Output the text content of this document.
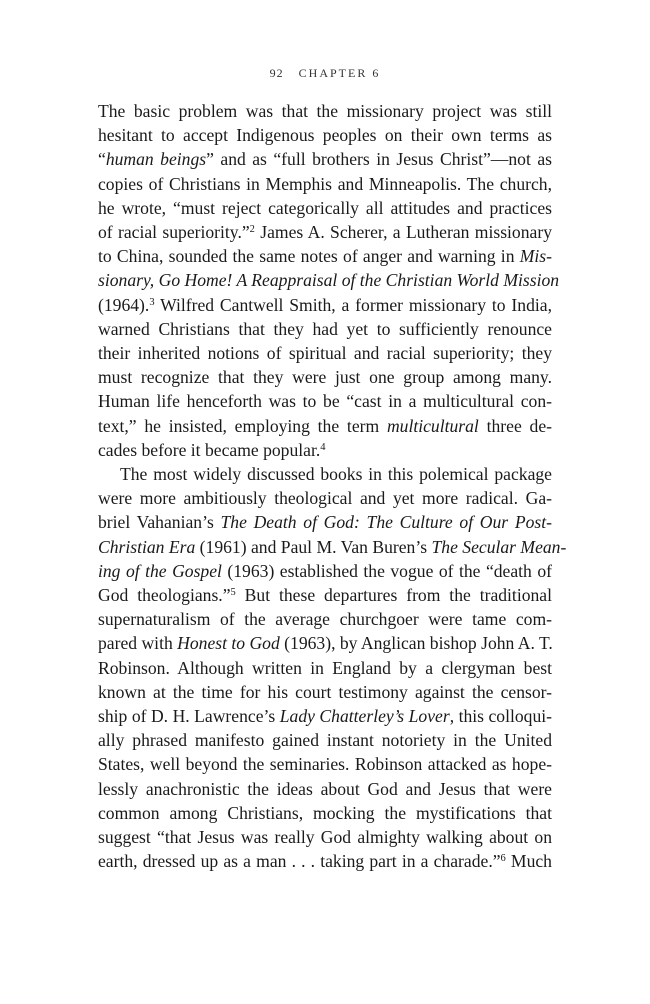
92 CHAPTER 6
The basic problem was that the missionary project was still
hesitant to accept Indigenous peoples on their own terms as
“human beings” and as “full brothers in Jesus Christ”—not as
copies of Christians in Memphis and Minneapolis. The church,
he wrote, “must reject categorically all attitudes and practices
of racial superiority.”$^2$ James A. Scherer, a Lutheran missionary
to China, sounded the same notes of anger and warning in Mis-
sionary, Go Home! A Reappraisal of the Christian World Mission
(1964).$^3$ Wilfred Cantwell Smith, a former missionary to India,
warned Christians that they had yet to sufficiently renounce
their inherited notions of spiritual and racial superiority; they
must recognize that they were just one group among many.
Human life henceforth was to be “cast in a multicultural con-
text,” he insisted, employing the term multicultural three de-
cades before it became popular.$^4$
The most widely discussed books in this polemical package
were more ambitiously theological and yet more radical. Ga-
briel Vahanian’s The Death of God: The Culture of Our Post-
Christian Era (1961) and Paul M. Van Buren’s The Secular Mean-
ing of the Gospel (1963) established the vogue of the “death of
God theologians.”$^5$ But these departures from the traditional
supernaturalism of the average churchgoer were tame com-
pared with Honest to God (1963), by Anglican bishop John A. T.
Robinson. Although written in England by a clergyman best
known at the time for his court testimony against the censor-
ship of D. H. Lawrence’s Lady Chatterley’s Lover, this colloqui-
ally phrased manifesto gained instant notoriety in the United
States, well beyond the seminaries. Robinson attacked as hope-
lessly anachronistic the ideas about God and Jesus that were
common among Christians, mocking the mystifications that
suggest “that Jesus was really God almighty walking about on
earth, dressed up as a man . . . taking part in a charade.”$^6$ Much
